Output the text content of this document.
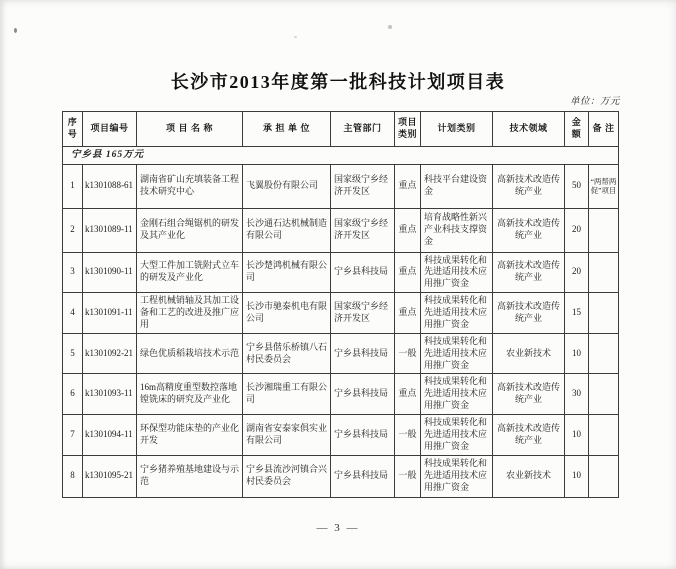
长沙市2013年度第一批科技计划项目表
单位：万元
序号	项目编号	项 目 名 称	承 担 单 位	主管部门	项目类别	计划类别	技术领域	金额	备 注
宁乡县 165万元									
1	k1301088-61	湖南省矿山充填装备工程技术研究中心	飞翼股份有限公司	国家级宁乡经济开发区	重点	科技平台建设资金	高新技术改造传统产业	50	“两帮两促”项目
2	k1301089-11	金刚石组合绳锯机的研发及其产业化	长沙通石达机械制造有限公司	国家级宁乡经济开发区	重点	培育战略性新兴产业科技支撑资金	高新技术改造传统产业	20	
3	k1301090-11	大型工件加工铣附式立车的研发及产业化	长沙楚鸿机械有限公司	宁乡县科技局	重点	科技成果转化和先进适用技术应用推广资金	高新技术改造传统产业	20	
4	k1301091-11	工程机械销轴及其加工设备和工艺的改进及推广应用	长沙市驰泰机电有限公司	国家级宁乡经济开发区	重点	科技成果转化和先进适用技术应用推广资金	高新技术改造传统产业	15	
5	k1301092-21	绿色优质稻栽培技术示范	宁乡县偕乐桥镇八石村民委员会	宁乡县科技局	一般	科技成果转化和先进适用技术应用推广资金	农业新技术	10	
6	k1301093-11	16m高精度重型数控落地镗铣床的研究及产业化	长沙湘瑞重工有限公司	宁乡县科技局	重点	科技成果转化和先进适用技术应用推广资金	高新技术改造传统产业	30	
7	k1301094-11	环保型功能床垫的产业化开发	湖南省安泰家俱实业有限公司	宁乡县科技局	一般	科技成果转化和先进适用技术应用推广资金	高新技术改造传统产业	10	
8	k1301095-21	宁乡猪养殖基地建设与示范	宁乡县流沙河镇合兴村民委员会	宁乡县科技局	一般	科技成果转化和先进适用技术应用推广资金	农业新技术	10	
— 3 —
